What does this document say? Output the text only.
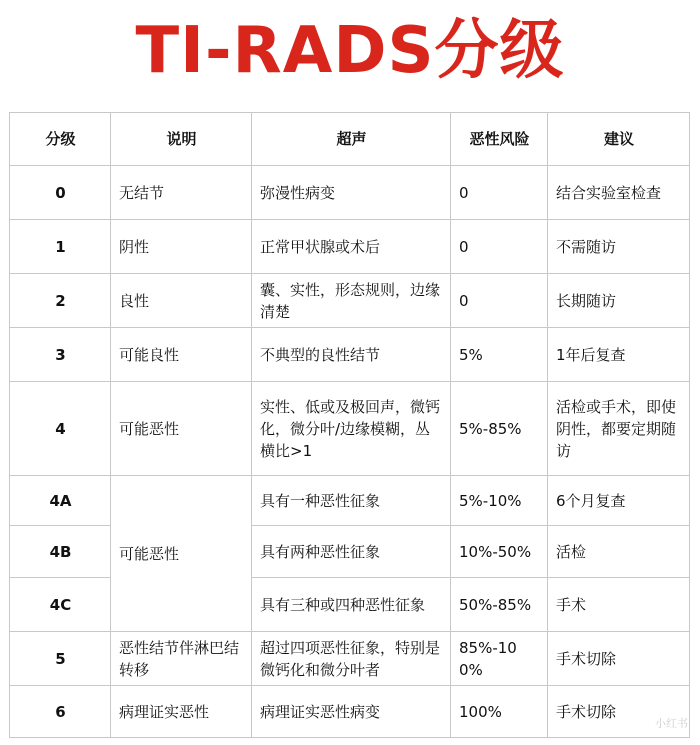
TI-RADS分级
分级	说明	超声	恶性风险	建议
0	无结节	弥漫性病变	0	结合实验室检查
1	阴性	正常甲状腺或术后	0	不需随访
2	良性	囊、实性，形态规则，边缘清楚	0	长期随访
3	可能良性	不典型的良性结节	5%	1年后复查
4	可能恶性	实性、低或及极回声，微钙化，微分叶/边缘模糊，丛横比>1	5%-85%	活检或手术，即使阴性，都要定期随访
4A	可能恶性	具有一种恶性征象	5%-10%	6个月复查
4B		具有两种恶性征象	10%-50%	活检
4C		具有三种或四种恶性征象	50%-85%	手术
5	恶性结节伴淋巴结转移	超过四项恶性征象，特别是微钙化和微分叶者	85%-100%	手术切除
6	病理证实恶性	病理证实恶性病变	100%	手术切除
小红书
